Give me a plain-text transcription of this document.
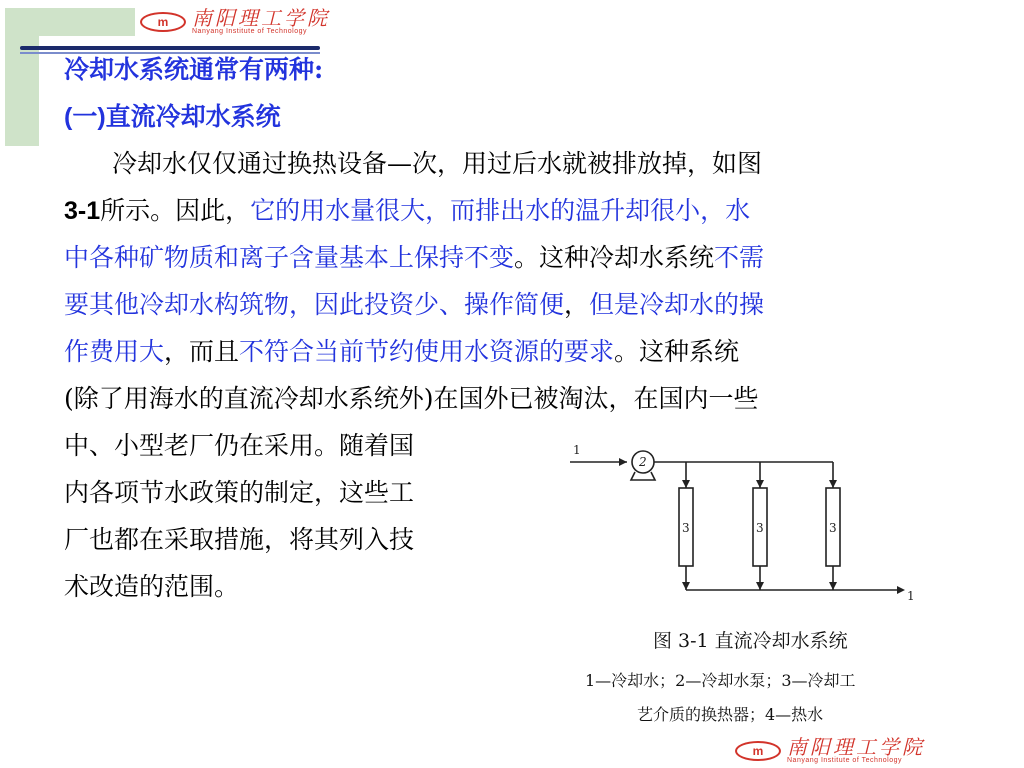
m	南阳理工学院
Nanyang Institute of Technology
冷却水系统通常有两种:
(一)直流冷却水系统
冷却水仅仅通过换热设备—次，用过后水就被排放掉，如图
3-1所示。因此，它的用水量很大，而排出水的温升却很小，水
中各种矿物质和离子含量基本上保持不变。这种冷却水系统不需
要其他冷却水构筑物，因此投资少、操作简便，但是冷却水的操
作费用大，而且不符合当前节约使用水资源的要求。这种系统
(除了用海水的直流冷却水系统外)在国外已被淘汰，在国内一些
中、小型老厂仍在采用。随着国
内各项节水政策的制定，这些工
厂也都在采取措施，将其列入技
术改造的范围。
1
2
3	3	3
1
图 3-1 直流冷却水系统
1—冷却水；2—冷却水泵；3—冷却工
艺介质的换热器；4—热水
m	南阳理工学院
Nanyang Institute of Technology
